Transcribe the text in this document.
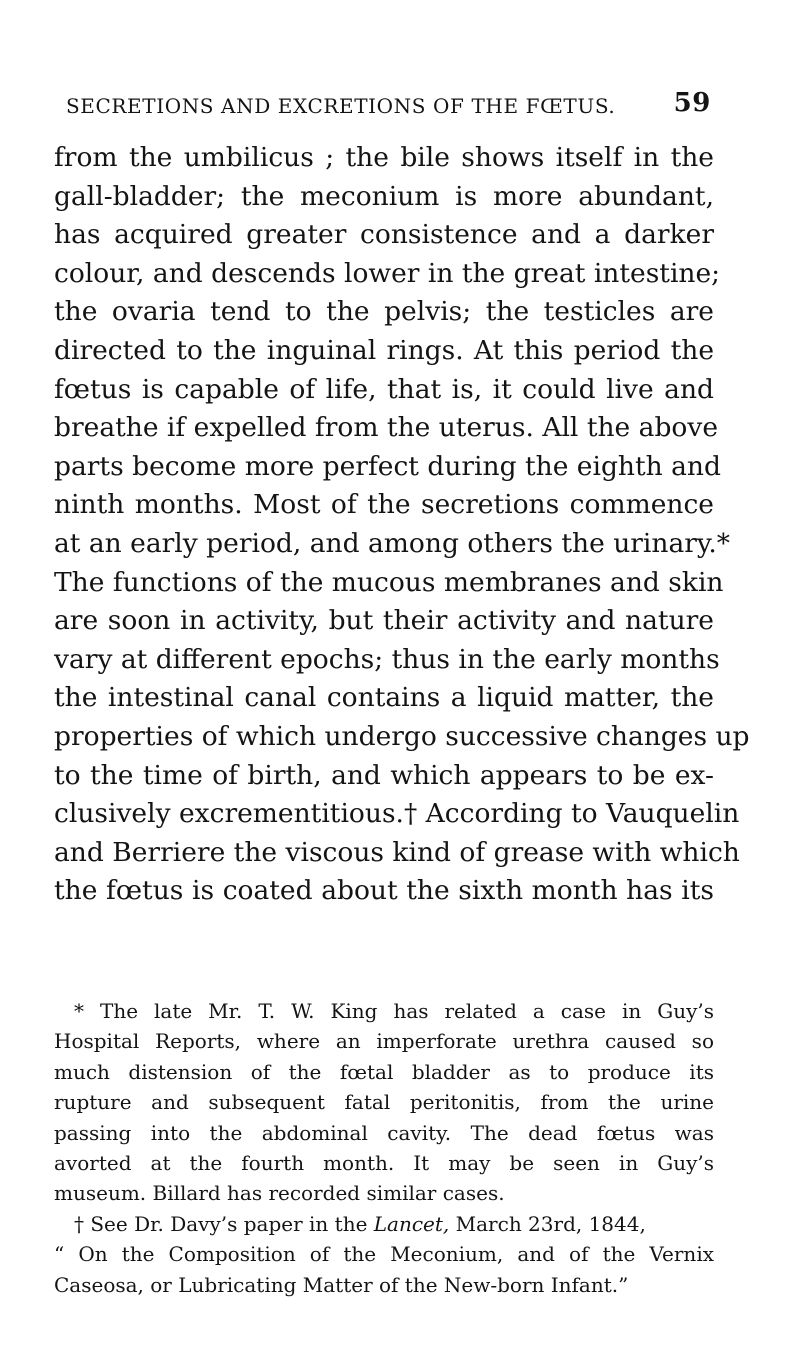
SECRETIONS AND EXCRETIONS OF THE FŒTUS. 59
from the umbilicus ; the bile shows itself in the
gall-bladder; the meconium is more abundant,
has acquired greater consistence and a darker
colour, and descends lower in the great intestine;
the ovaria tend to the pelvis; the testicles are
directed to the inguinal rings. At this period the
fœtus is capable of life, that is, it could live and
breathe if expelled from the uterus. All the above
parts become more perfect during the eighth and
ninth months. Most of the secretions commence
at an early period, and among others the urinary.*
The functions of the mucous membranes and skin
are soon in activity, but their activity and nature
vary at different epochs; thus in the early months
the intestinal canal contains a liquid matter, the
properties of which undergo successive changes up
to the time of birth, and which appears to be ex-
clusively excrementitious.† According to Vauquelin
and Berriere the viscous kind of grease with which
the fœtus is coated about the sixth month has its
* The late Mr. T. W. King has related a case in Guy’s
Hospital Reports, where an imperforate urethra caused so
much distension of the fœtal bladder as to produce its
rupture and subsequent fatal peritonitis, from the urine
passing into the abdominal cavity. The dead fœtus was
avorted at the fourth month. It may be seen in Guy’s
museum. Billard has recorded similar cases.
† See Dr. Davy’s paper in the Lancet, March 23rd, 1844,
“ On the Composition of the Meconium, and of the Vernix
Caseosa, or Lubricating Matter of the New-born Infant.”
